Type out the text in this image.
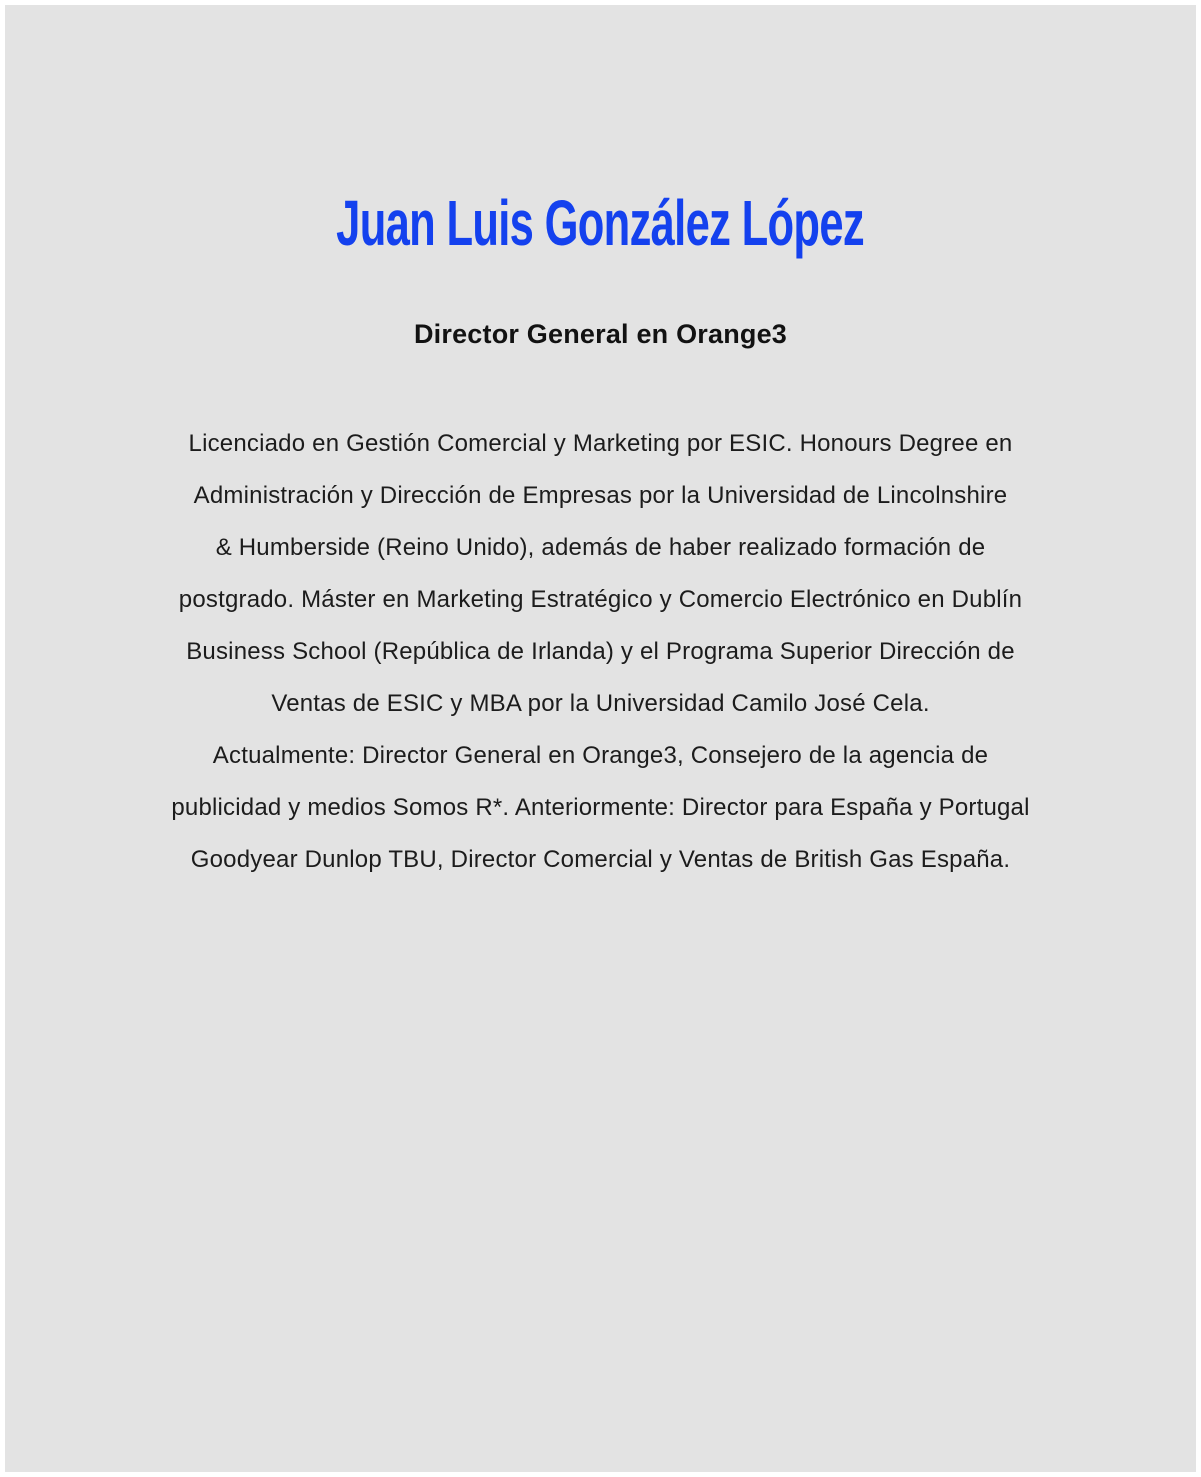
Juan Luis González López
Director General en Orange3
Licenciado en Gestión Comercial y Marketing por ESIC. Honours Degree en
Administración y Dirección de Empresas por la Universidad de Lincolnshire
& Humberside (Reino Unido), además de haber realizado formación de
postgrado. Máster en Marketing Estratégico y Comercio Electrónico en Dublín
Business School (República de Irlanda) y el Programa Superior Dirección de
Ventas de ESIC y MBA por la Universidad Camilo José Cela.
Actualmente: Director General en Orange3, Consejero de la agencia de
publicidad y medios Somos R*. Anteriormente: Director para España y Portugal
Goodyear Dunlop TBU, Director Comercial y Ventas de British Gas España.
